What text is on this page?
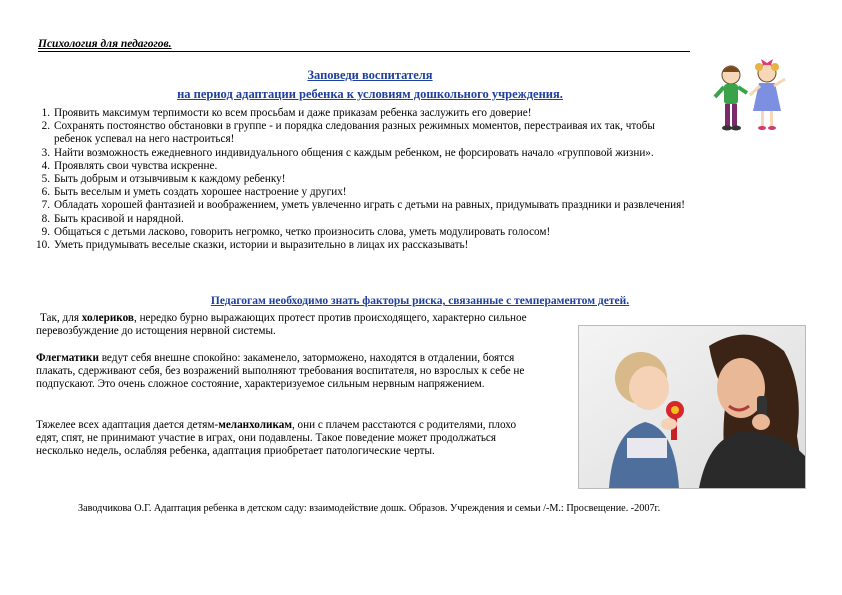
Психология для педагогов.
Заповеди воспитателя
на период адаптации ребенка к условиям дошкольного учреждения.
1. Проявить максимум терпимости ко всем просьбам и даже приказам ребенка заслужить его доверие!
2. Сохранять постоянство обстановки в группе - и порядка следования разных режимных моментов, перестраивая их так, чтобы ребенок успевал на него настроиться!
3. Найти возможность ежедневного индивидуального общения с каждым ребенком, не форсировать начало «групповой жизни».
4. Проявлять свои чувства искренне.
5. Быть добрым и отзывчивым к каждому ребенку!
6. Быть веселым и уметь создать хорошее настроение у других!
7. Обладать хорошей фантазией и воображением, уметь увлеченно играть с детьми на равных, придумывать праздники и развлечения!
8. Быть красивой и нарядной.
9. Общаться с детьми ласково, говорить негромко, четко произносить слова, уметь модулировать голосом!
10. Уметь придумывать веселые сказки, истории и выразительно в лицах их рассказывать!
Педагогам необходимо знать факторы риска, связанные с темпераментом детей.
Так, для холериков, нередко бурно выражающих протест против происходящего, характерно сильное перевозбуждение до истощения нервной системы.
Флегматики ведут себя внешне спокойно: закаменело, заторможено, находятся в отдалении, боятся плакать, сдерживают себя, без возражений выполняют требования воспитателя, но взрослых к себе не подпускают. Это очень сложное состояние, характеризуемое сильным нервным напряжением.
Тяжелее всех адаптация дается детям-меланхоликам, они с плачем расстаются с родителями, плохо едят, спят, не принимают участие в играх, они подавлены. Такое поведение может продолжаться несколько недель, ослабляя ребенка, адаптация приобретает патологические черты.
Заводчикова О.Г. Адаптация ребенка в детском саду: взаимодействие дошк. Образов. Учреждения и семьи /-М.: Просвещение. -2007г.
